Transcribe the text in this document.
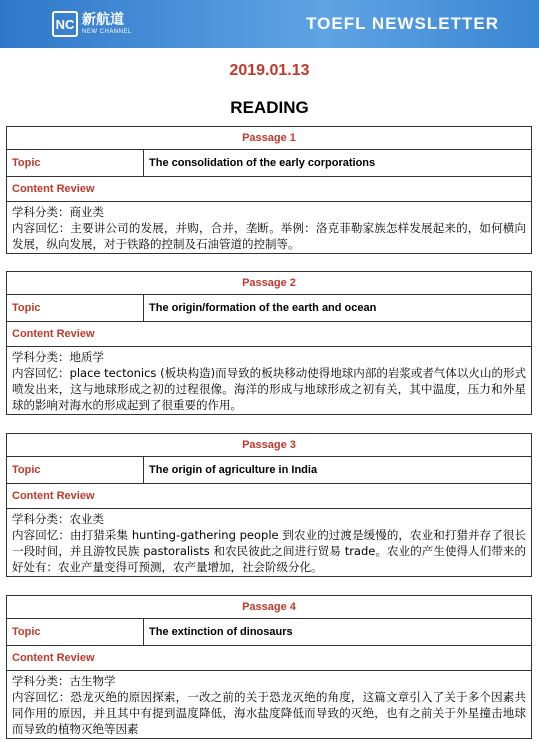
NC 新航道
NEW CHANNEL	TOEFL NEWSLETTER
2019.01.13
READING
Passage 1
Topic	The consolidation of the early corporations
Content Review
学科分类：商业类
内容回忆：主要讲公司的发展，并购，合并，垄断。举例：洛克菲勒家族怎样发展起来的，如何横向发展，纵向发展，对于铁路的控制及石油管道的控制等。
Passage 2
Topic	The origin/formation of the earth and ocean
Content Review
学科分类：地质学
内容回忆：place tectonics (板块构造)而导致的板块移动使得地球内部的岩浆或者气体以火山的形式喷发出来，这与地球形成之初的过程很像。海洋的形成与地球形成之初有关，其中温度，压力和外星球的影响对海水的形成起到了很重要的作用。
Passage 3
Topic	The origin of agriculture in India
Content Review
学科分类：农业类
内容回忆：由打猎采集 hunting-gathering people 到农业的过渡是缓慢的，农业和打猎并存了很长一段时间，并且游牧民族 pastoralists 和农民彼此之间进行贸易 trade。农业的产生使得人们带来的好处有：农业产量变得可预测，农产量增加，社会阶级分化。
Passage 4
Topic	The extinction of dinosaurs
Content Review
学科分类：古生物学
内容回忆：恐龙灭绝的原因探索，一改之前的关于恐龙灭绝的角度，这篇文章引入了关于多个因素共同作用的原因，并且其中有提到温度降低，海水盐度降低而导致的灭绝，也有之前关于外星撞击地球而导致的植物灭绝等因素
